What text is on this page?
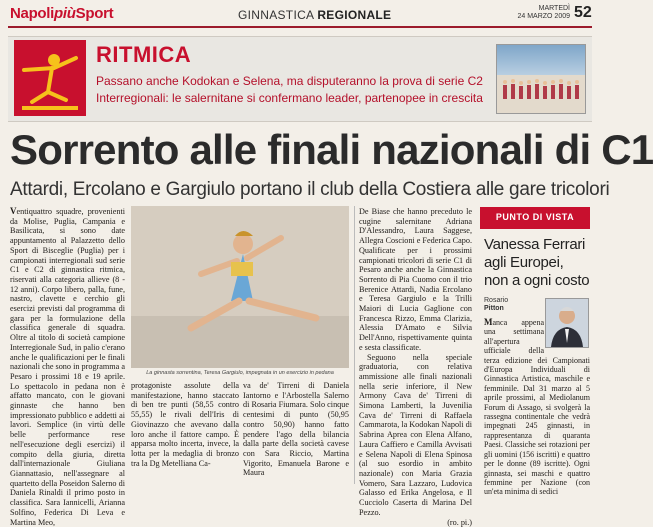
NapolipiùSport	GINNASTICA REGIONALE	MARTEDÌ
24 MARZO 2009 52
RITMICA
Passano anche Kodokan e Selena, ma disputeranno la prova di serie C2
Interregionali: le salernitane si confermano leader, partenopee in crescita
Sorrento alle finali nazionali di C1
Attardi, Ercolano e Gargiulo portano il club della Costiera alle gare tricolori
Ventiquattro squadre, provenienti da Molise, Puglia, Campania e Basilicata, si sono date appuntamento al Palazzetto dello Sport di Bisceglie (Puglia) per i campionati interregionali sud serie C1 e C2 di ginnastica ritmica, riservati alla categoria allieve (8 - 12 anni). Corpo libero, palla, fune, nastro, clavette e cerchio gli esercizi previsti dal programma di gara per la formulazione della classifica generale di squadra. Oltre al titolo di società campione Interregionale Sud, in palio c'erano anche le qualificazioni per le finali nazionali che sono in programma a Pesaro i prossimi 18 e 19 aprile. Lo spettacolo in pedana non è affatto mancato, con le giovani ginnaste che hanno ben impressionato pubblico e addetti ai lavori. Semplice (in virtù delle belle performance rese nell'esecuzione degli esercizi) il compito della giuria, diretta dall'internazionale Giuliana Giannattasio, nell'assegnare al quartetto della Poseidon Salerno di Daniela Rinaldi il primo posto in classifica. Sara Iannicelli, Arianna Solfino, Federica Di Leva e Martina Meo,
La ginnasta sorrentina, Teresa Gargiulo, impegnata in un esercizio in pedana
protagoniste assolute della manifestazione, hanno staccato di ben tre punti (58,55 contro 55,55) le rivali dell'Iris di Giovinazzo che avevano dalla loro anche il fattore campo. È apparsa molto incerta, invece, la lotta per la medaglia di bronzo tra la Dg Metelliana Ca-
va de' Tirreni di Daniela Iantorno e l'Arbostella Salerno di Rosaria Fiumara. Solo cinque centesimi di punto (50,95 contro 50,90) hanno fatto pendere l'ago della bilancia dalla parte della società cavese con Sara Riccio, Martina Vigorito, Emanuela Barone e Maura
De Biase che hanno preceduto le cugine salernitane Adriana D'Alessandro, Laura Saggese, Allegra Coscioni e Federica Capo. Qualificate per i prossimi campionati tricolori di serie C1 di Pesaro anche anche la Ginnastica Sorrento di Pia Cuomo con il trio Berenice Attardi, Nadia Ercolano e Teresa Gargiulo e la Trilli Maiori di Lucia Gaglione con Francesca Rizzo, Emma Clarizia, Alessia D'Amato e Silvia Dell'Anno, rispettivamente quinta e sesta classificate.
Seguono nella speciale graduatoria, con relativa ammissione alle finali nazionali nella serie inferiore, il New Armony Cava de' Tirreni di Simona Lamberti, la Juvenilia Cava de' Tirreni di Raffaela Cammarota, la Kodokan Napoli di Sabrina Aprea con Elena Alfano, Laura Caffiero e Camilla Avvisati e Selena Napoli di Elena Spinosa (al suo esordio in ambito nazionale) con Maria Grazia Vomero, Sara Lazzaro, Ludovica Galasso ed Erika Angelosa, e Il Cucciolo Caserta di Marina Del Pezzo.
(ro. pi.)
PUNTO DI VISTA
Vanessa Ferrari agli Europei, non a ogni costo
Rosario
Pitton
Manca appena una settimana all'apertura ufficiale della terza edizione dei Campionati d'Europa Individuali di Ginnastica Artistica, maschile e femminile. Dal 31 marzo al 5 aprile prossimi, al Mediolanum Forum di Assago, si svolgerà la rassegna continentale che vedrà impegnati 245 ginnasti, in rappresentanza di quaranta Paesi. Classiche sei rotazioni per gli uomini (156 iscritti) e quattro per le donne (89 iscritte). Ogni ginnasta, sei maschi e quattro femmine per Nazione (con un'eta minima di sedici
